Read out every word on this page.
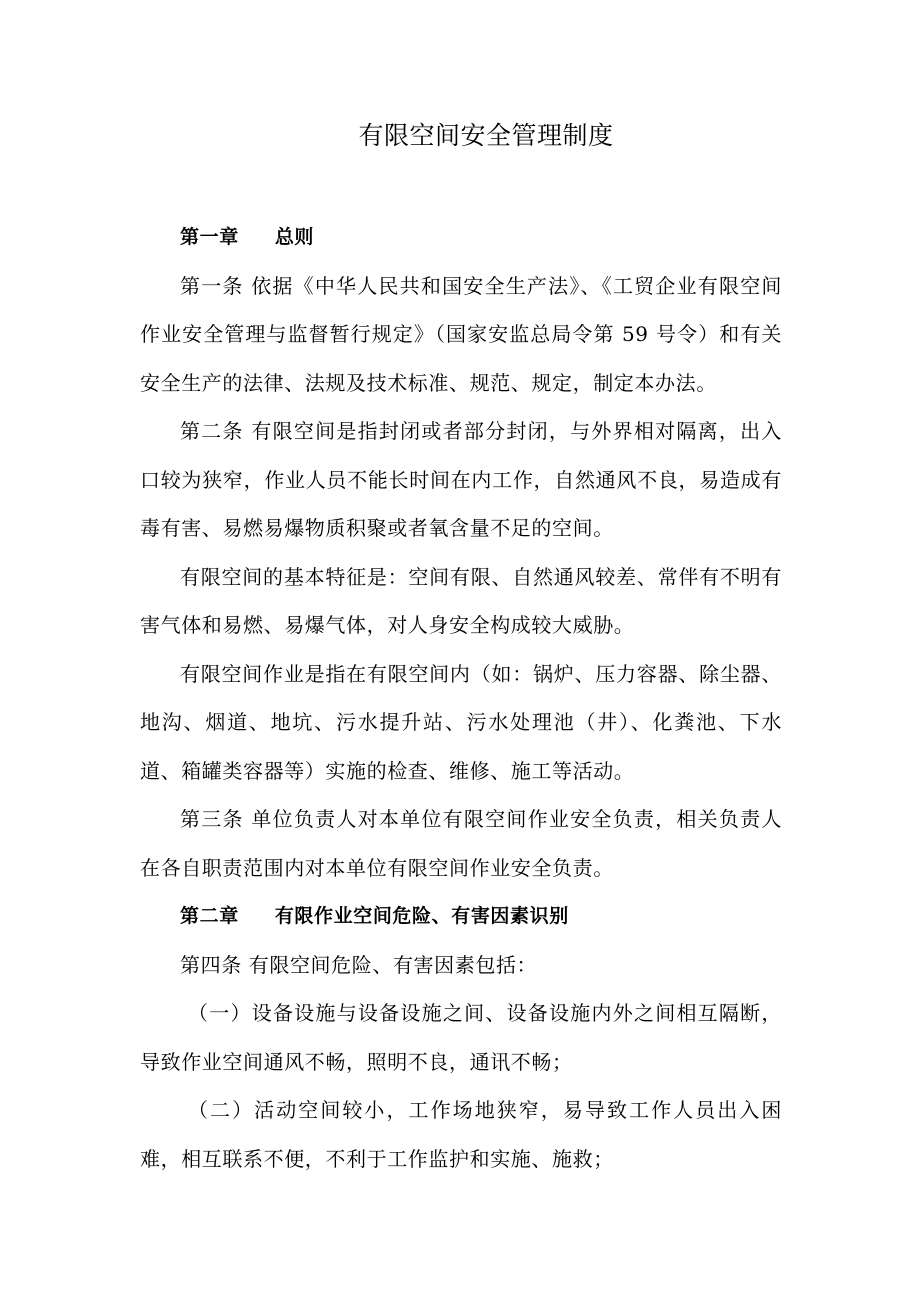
有限空间安全管理制度

第一章 总则

第一条 依据《中华人民共和国安全生产法》、《工贸企业有限空间作业安全管理与监督暂行规定》（国家安监总局令第 59 号令）和有关安全生产的法律、法规及技术标准、规范、规定，制定本办法。

第二条 有限空间是指封闭或者部分封闭，与外界相对隔离，出入口较为狭窄，作业人员不能长时间在内工作，自然通风不良，易造成有毒有害、易燃易爆物质积聚或者氧含量不足的空间。

有限空间的基本特征是：空间有限、自然通风较差、常伴有不明有害气体和易燃、易爆气体，对人身安全构成较大威胁。

有限空间作业是指在有限空间内（如：锅炉、压力容器、除尘器、地沟、烟道、地坑、污水提升站、污水处理池（井）、化粪池、下水道、箱罐类容器等）实施的检查、维修、施工等活动。

第三条 单位负责人对本单位有限空间作业安全负责，相关负责人在各自职责范围内对本单位有限空间作业安全负责。

第二章 有限作业空间危险、有害因素识别

第四条 有限空间危险、有害因素包括：

（一）设备设施与设备设施之间、设备设施内外之间相互隔断，导致作业空间通风不畅，照明不良，通讯不畅；

（二）活动空间较小，工作场地狭窄，易导致工作人员出入困难，相互联系不便，不利于工作监护和实施、施救；
